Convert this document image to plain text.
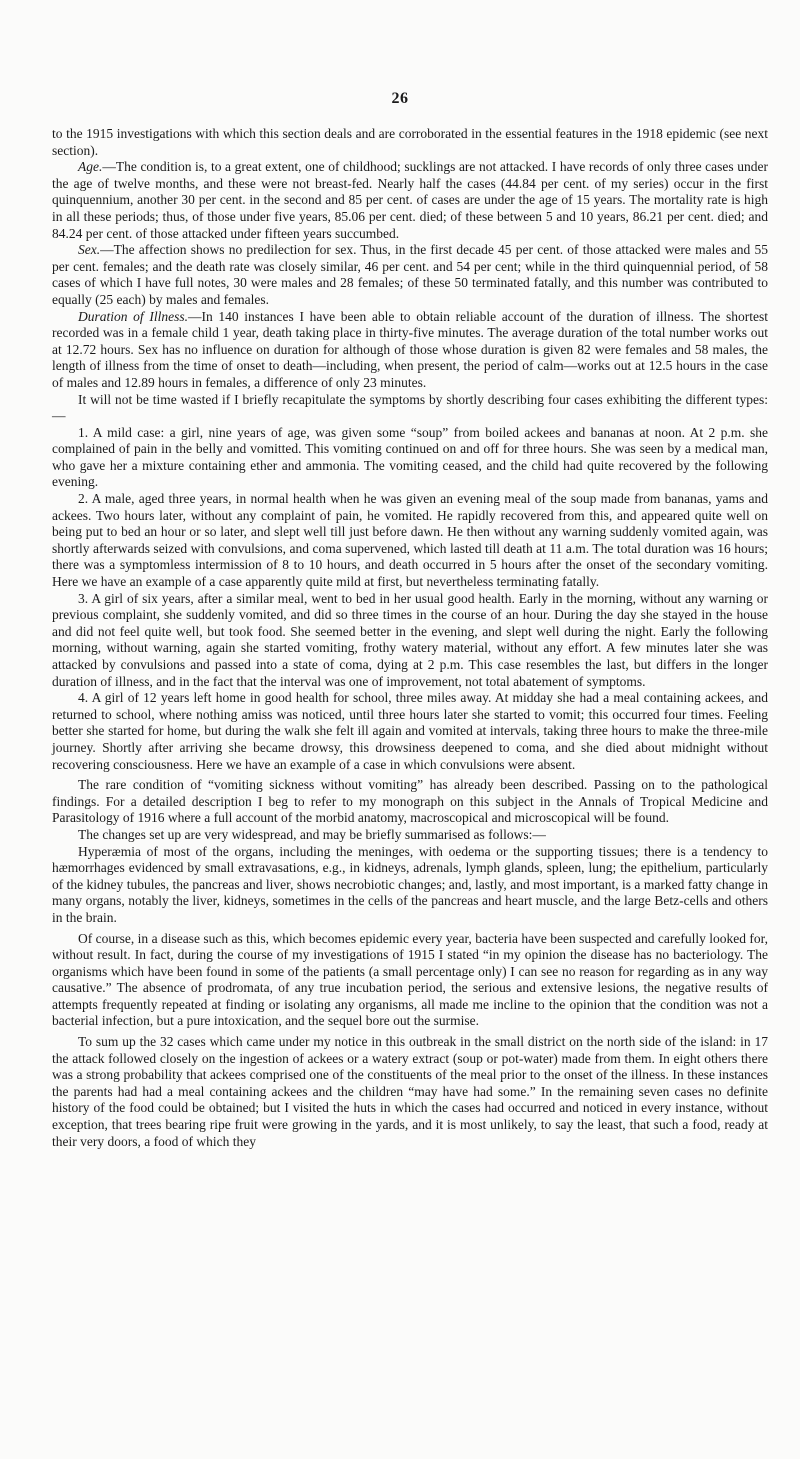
26

to the 1915 investigations with which this section deals and are corroborated in the essential features in the 1918 epidemic (see next section).

Age.—The condition is, to a great extent, one of childhood; sucklings are not attacked. I have records of only three cases under the age of twelve months, and these were not breast-fed. Nearly half the cases (44.84 per cent. of my series) occur in the first quinquennium, another 30 per cent. in the second and 85 per cent. of cases are under the age of 15 years. The mortality rate is high in all these periods; thus, of those under five years, 85.06 per cent. died; of these between 5 and 10 years, 86.21 per cent. died; and 84.24 per cent. of those attacked under fifteen years succumbed.

Sex.—The affection shows no predilection for sex. Thus, in the first decade 45 per cent. of those attacked were males and 55 per cent. females; and the death rate was closely similar, 46 per cent. and 54 per cent; while in the third quinquennial period, of 58 cases of which I have full notes, 30 were males and 28 females; of these 50 terminated fatally, and this number was contributed to equally (25 each) by males and females.

Duration of Illness.—In 140 instances I have been able to obtain reliable account of the duration of illness. The shortest recorded was in a female child 1 year, death taking place in thirty-five minutes. The average duration of the total number works out at 12.72 hours. Sex has no influence on duration for although of those whose duration is given 82 were females and 58 males, the length of illness from the time of onset to death—including, when present, the period of calm—works out at 12.5 hours in the case of males and 12.89 hours in females, a difference of only 23 minutes.

It will not be time wasted if I briefly recapitulate the symptoms by shortly describing four cases exhibiting the different types:—

1. A mild case: a girl, nine years of age, was given some “soup” from boiled ackees and bananas at noon. At 2 p.m. she complained of pain in the belly and vomitted. This vomiting continued on and off for three hours. She was seen by a medical man, who gave her a mixture containing ether and ammonia. The vomiting ceased, and the child had quite recovered by the following evening.

2. A male, aged three years, in normal health when he was given an evening meal of the soup made from bananas, yams and ackees. Two hours later, without any complaint of pain, he vomited. He rapidly recovered from this, and appeared quite well on being put to bed an hour or so later, and slept well till just before dawn. He then without any warning suddenly vomited again, was shortly afterwards seized with convulsions, and coma supervened, which lasted till death at 11 a.m. The total duration was 16 hours; there was a symptomless intermission of 8 to 10 hours, and death occurred in 5 hours after the onset of the secondary vomiting. Here we have an example of a case apparently quite mild at first, but nevertheless terminating fatally.

3. A girl of six years, after a similar meal, went to bed in her usual good health. Early in the morning, without any warning or previous complaint, she suddenly vomited, and did so three times in the course of an hour. During the day she stayed in the house and did not feel quite well, but took food. She seemed better in the evening, and slept well during the night. Early the following morning, without warning, again she started vomiting, frothy watery material, without any effort. A few minutes later she was attacked by convulsions and passed into a state of coma, dying at 2 p.m. This case resembles the last, but differs in the longer duration of illness, and in the fact that the interval was one of improvement, not total abatement of symptoms.

4. A girl of 12 years left home in good health for school, three miles away. At midday she had a meal containing ackees, and returned to school, where nothing amiss was noticed, until three hours later she started to vomit; this occurred four times. Feeling better she started for home, but during the walk she felt ill again and vomited at intervals, taking three hours to make the three-mile journey. Shortly after arriving she became drowsy, this drowsiness deepened to coma, and she died about midnight without recovering consciousness. Here we have an example of a case in which convulsions were absent.

The rare condition of “vomiting sickness without vomiting” has already been described. Passing on to the pathological findings. For a detailed description I beg to refer to my monograph on this subject in the Annals of Tropical Medicine and Parasitology of 1916 where a full account of the morbid anatomy, macroscopical and microscopical will be found.

The changes set up are very widespread, and may be briefly summarised as follows:—

Hyperæmia of most of the organs, including the meninges, with oedema or the supporting tissues; there is a tendency to hæmorrhages evidenced by small extravasations, e.g., in kidneys, adrenals, lymph glands, spleen, lung; the epithelium, particularly of the kidney tubules, the pancreas and liver, shows necrobiotic changes; and, lastly, and most important, is a marked fatty change in many organs, notably the liver, kidneys, sometimes in the cells of the pancreas and heart muscle, and the large Betz-cells and others in the brain.

Of course, in a disease such as this, which becomes epidemic every year, bacteria have been suspected and carefully looked for, without result. In fact, during the course of my investigations of 1915 I stated “in my opinion the disease has no bacteriology. The organisms which have been found in some of the patients (a small percentage only) I can see no reason for regarding as in any way causative.” The absence of prodromata, of any true incubation period, the serious and extensive lesions, the negative results of attempts frequently repeated at finding or isolating any organisms, all made me incline to the opinion that the condition was not a bacterial infection, but a pure intoxication, and the sequel bore out the surmise.

To sum up the 32 cases which came under my notice in this outbreak in the small district on the north side of the island: in 17 the attack followed closely on the ingestion of ackees or a watery extract (soup or pot-water) made from them. In eight others there was a strong probability that ackees comprised one of the constituents of the meal prior to the onset of the illness. In these instances the parents had had a meal containing ackees and the children “may have had some.” In the remaining seven cases no definite history of the food could be obtained; but I visited the huts in which the cases had occurred and noticed in every instance, without exception, that trees bearing ripe fruit were growing in the yards, and it is most unlikely, to say the least, that such a food, ready at their very doors, a food of which they
